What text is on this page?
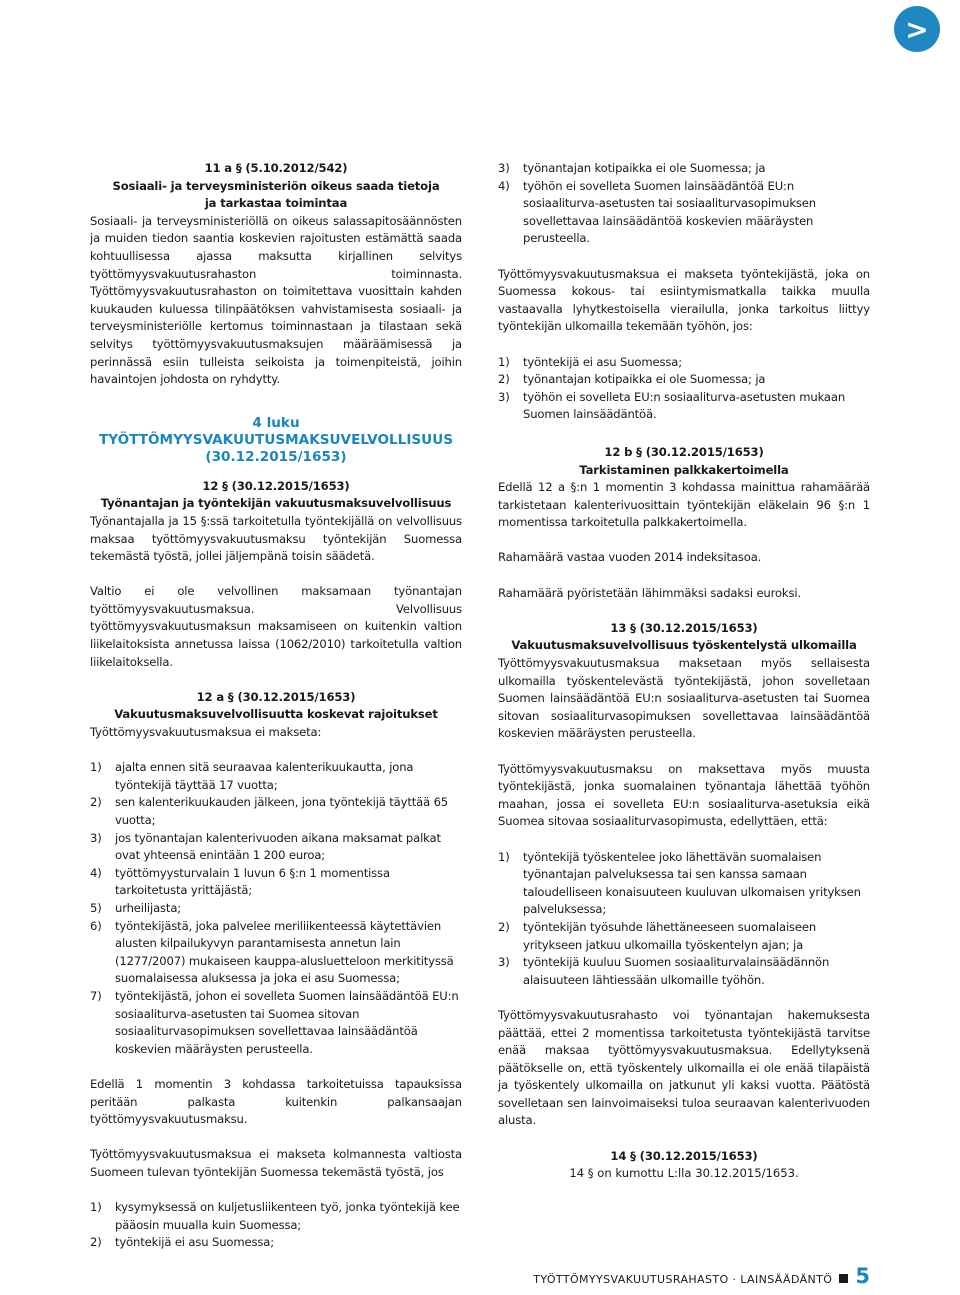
>
11 a § (5.10.2012/542)
Sosiaali- ja terveysministeriön oikeus saada tietoja
ja tarkastaa toimintaa

Sosiaali- ja terveysministeriöllä on oikeus salassapitosäännösten ja muiden tiedon saantia koskevien rajoitusten estämättä saada kohtuullisessa ajassa maksutta kirjallinen selvitys työttömyysvakuutusrahaston toiminnasta. Työttömyysvakuutusrahaston on toimitettava vuosittain kahden kuukauden kuluessa tilinpäätöksen vahvistamisesta sosiaali- ja terveysministeriölle kertomus toiminnastaan ja tilastaan sekä selvitys työttömyysvakuutusmaksujen määräämisessä ja perinnässä esiin tulleista seikoista ja toimenpiteistä, joihin havaintojen johdosta on ryhdytty.

4 luku
TYÖTTÖMYYSVAKUUTUSMAKSUVELVOLLISUUS
(30.12.2015/1653)
12 § (30.12.2015/1653)
Työnantajan ja työntekijän vakuutusmaksuvelvollisuus

Työnantajalla ja 15 §:ssä tarkoitetulla työntekijällä on velvollisuus maksaa työttömyysvakuutusmaksu työntekijän Suomessa tekemästä työstä, jollei jäljempänä toisin säädetä.

Valtio ei ole velvollinen maksamaan työnantajan työttömyysvakuutusmaksua. Velvollisuus työttömyysvakuutusmaksun maksamiseen on kuitenkin valtion liikelaitoksista annetussa laissa (1062/2010) tarkoitetulla valtion liikelaitoksella.

12 a § (30.12.2015/1653)
Vakuutusmaksuvelvollisuutta koskevat rajoitukset

Työttömyysvakuutusmaksua ei makseta:

1) ajalta ennen sitä seuraavaa kalenterikuukautta, jona työntekijä täyttää 17 vuotta;
2) sen kalenterikuukauden jälkeen, jona työntekijä täyttää 65 vuotta;
3) jos työnantajan kalenterivuoden aikana maksamat palkat ovat yhteensä enintään 1 200 euroa;
4) työttömyysturvalain 1 luvun 6 §:n 1 momentissa tarkoitetusta yrittäjästä;
5) urheilijasta;
6) työntekijästä, joka palvelee meriliikenteessä käytettävien alusten kilpailukyvyn parantamisesta annetun lain (1277/2007) mukaiseen kauppa-alusluetteloon merkitityssä suomalaisessa aluksessa ja joka ei asu Suomessa;
7) työntekijästä, johon ei sovelleta Suomen lainsäädäntöä EU:n sosiaaliturva-asetusten tai Suomea sitovan sosiaaliturvasopimuksen sovellettavaa lainsäädäntöä koskevien määräysten perusteella.

Edellä 1 momentin 3 kohdassa tarkoitetuissa tapauksissa peritään palkasta kuitenkin palkansaajan työttömyysvakuutusmaksu.

Työttömyysvakuutusmaksua ei makseta kolmannesta valtiosta Suomeen tulevan työntekijän Suomessa tekemästä työstä, jos

1) kysymyksessä on kuljetusliikenteen työ, jonka työntekijä kee pääosin muualla kuin Suomessa;
2) työntekijä ei asu Suomessa;
3) työnantajan kotipaikka ei ole Suomessa; ja
4) työhön ei sovelleta Suomen lainsäädäntöä EU:n sosiaaliturva-asetusten tai sosiaaliturvasopimuksen sovellettavaa lainsäädäntöä koskevien määräysten perusteella.

Työttömyysvakuutusmaksua ei makseta työntekijästä, joka on Suomessa kokous- tai esiintymismatkalla taikka muulla vastaavalla lyhytkestoisella vierailulla, jonka tarkoitus liittyy työntekijän ulkomailla tekemään työhön, jos:

1) työntekijä ei asu Suomessa;
2) työnantajan kotipaikka ei ole Suomessa; ja
3) työhön ei sovelleta EU:n sosiaaliturva-asetusten mukaan Suomen lainsäädäntöä.
12 b § (30.12.2015/1653)
Tarkistaminen palkkakertoimella

Edellä 12 a §:n 1 momentin 3 kohdassa mainittua rahamäärää tarkistetaan kalenterivuosittain työntekijän eläkelain 96 §:n 1 momentissa tarkoitetulla palkkakertoimella.

Rahamäärä vastaa vuoden 2014 indeksitasoa.

Rahamäärä pyöristetään lähimmäksi sadaksi euroksi.

13 § (30.12.2015/1653)
Vakuutusmaksuvelvollisuus työskentelystä ulkomailla

Työttömyysvakuutusmaksua maksetaan myös sellaisesta ulkomailla työskentelevästä työntekijästä, johon sovelletaan Suomen lainsäädäntöä EU:n sosiaaliturva-asetusten tai Suomea sitovan sosiaaliturvasopimuksen sovellettavaa lainsäädäntöä koskevien määräysten perusteella.

Työttömyysvakuutusmaksu on maksettava myös muusta työntekijästä, jonka suomalainen työnantaja lähettää työhön maahan, jossa ei sovelleta EU:n sosiaaliturva-asetuksia eikä Suomea sitovaa sosiaaliturvasopimusta, edellyttäen, että:

1) työntekijä työskentelee joko lähettävän suomalaisen työnantajan palveluksessa tai sen kanssa samaan taloudelliseen konaisuuteen kuuluvan ulkomaisen yrityksen palveluksessa;
2) työntekijän työsuhde lähettäneeseen suomalaiseen yritykseen jatkuu ulkomailla työskentelyn ajan; ja
3) työntekijä kuuluu Suomen sosiaaliturvalainsäädännön alaisuuteen lähtiessään ulkomaille työhön.

Työttömyysvakuutusrahasto voi työnantajan hakemuksesta päättää, ettei 2 momentissa tarkoitetusta työntekijästä tarvitse enää maksaa työttömyysvakuutusmaksua. Edellytyksenä päätökselle on, että työskentely ulkomailla ei ole enää tilapäistä ja työskentely ulkomailla on jatkunut yli kaksi vuotta. Päätöstä sovelletaan sen lainvoimaiseksi tuloa seuraavan kalenterivuoden alusta.

14 § (30.12.2015/1653)
14 § on kumottu L:lla 30.12.2015/1653.
TYÖTTÖMYYSVAKUUTUSRAHASTO · LAINSÄÄDÄNTÖ 5
